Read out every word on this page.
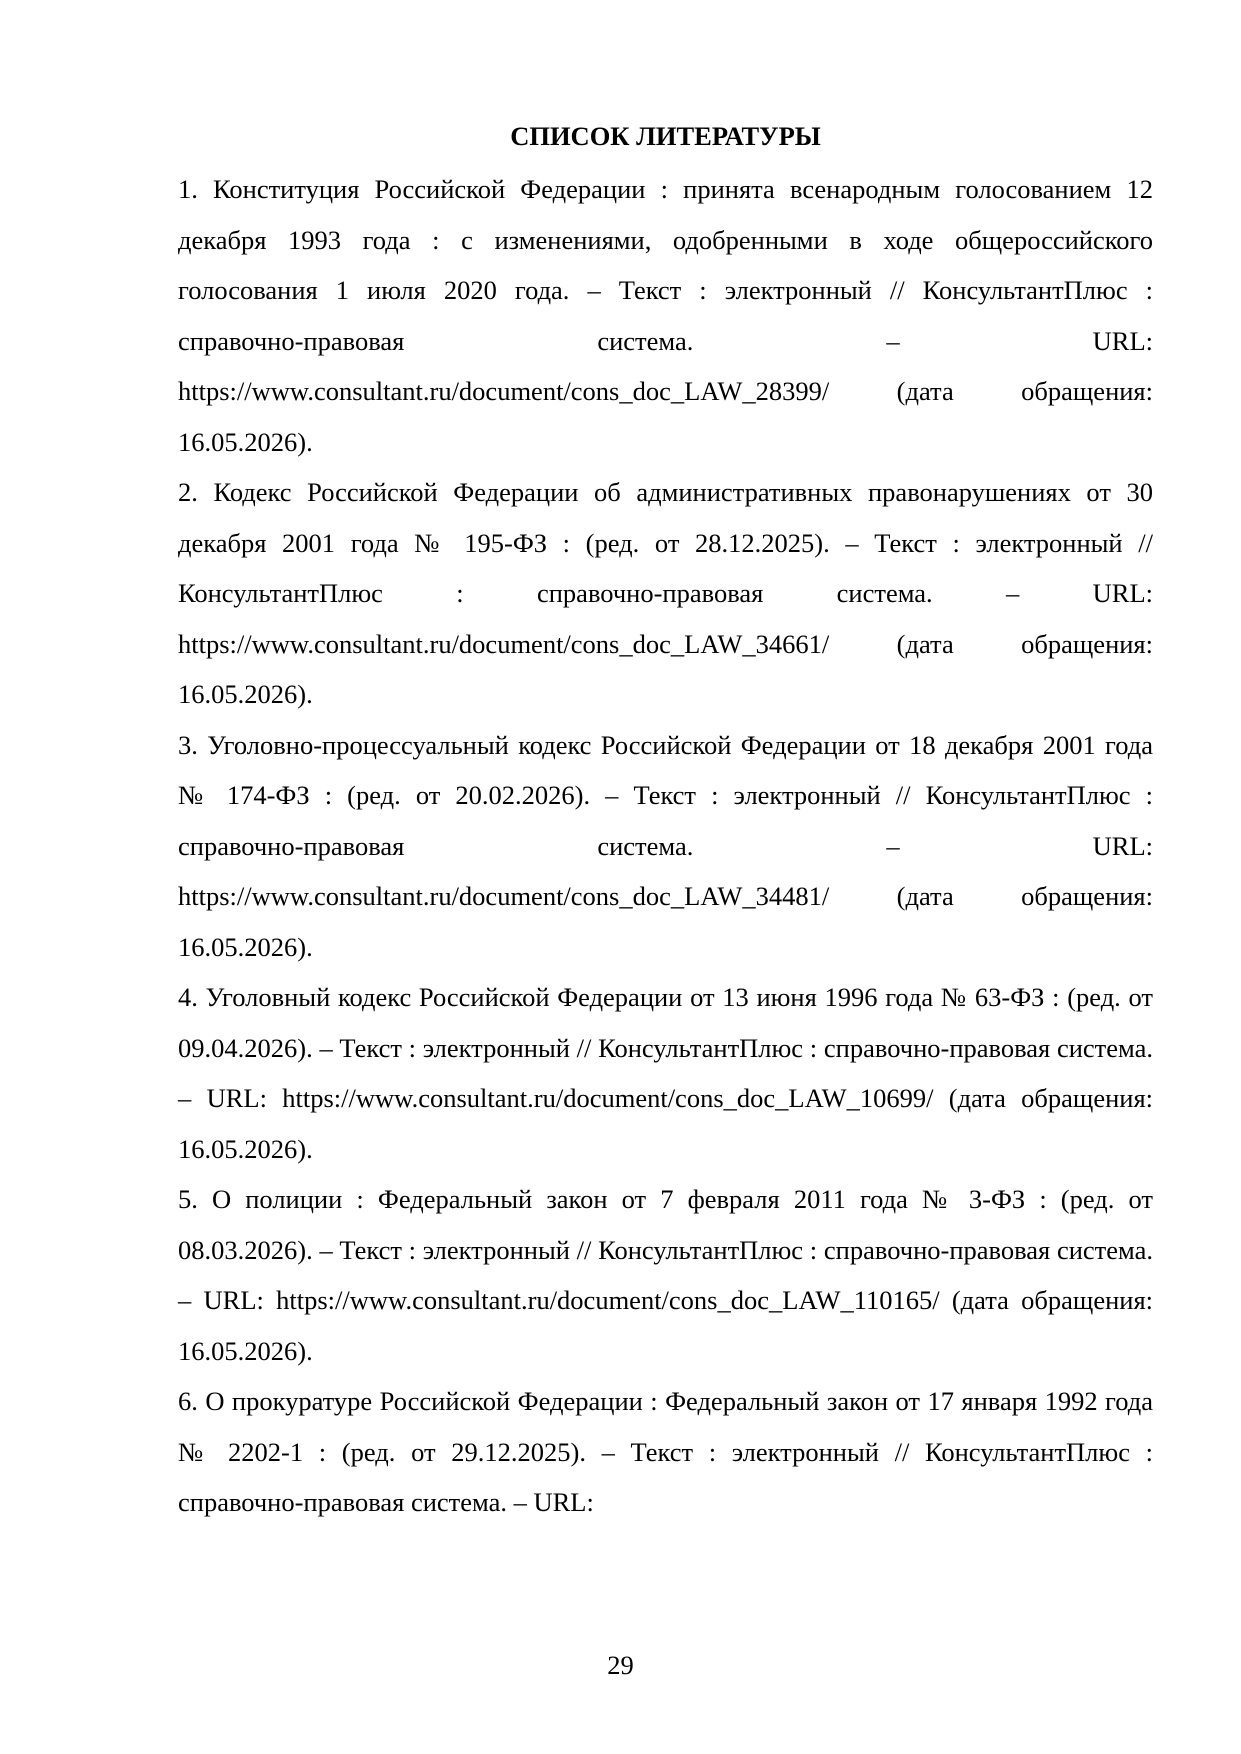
СПИСОК ЛИТЕРАТУРЫ

1. Конституция Российской Федерации : принята всенародным голосованием 12 декабря 1993 года : с изменениями, одобренными в ходе общероссийского голосования 1 июля 2020 года. – Текст : электронный // КонсультантПлюс : справочно-правовая система. – URL: https://www.consultant.ru/document/cons_doc_LAW_28399/ (дата обращения: 16.05.2026).

2. Кодекс Российской Федерации об административных правонарушениях от 30 декабря 2001 года № 195-ФЗ : (ред. от 28.12.2025). – Текст : электронный // КонсультантПлюс : справочно-правовая система. – URL: https://www.consultant.ru/document/cons_doc_LAW_34661/ (дата обращения: 16.05.2026).

3. Уголовно-процессуальный кодекс Российской Федерации от 18 декабря 2001 года № 174-ФЗ : (ред. от 20.02.2026). – Текст : электронный // КонсультантПлюс : справочно-правовая система. – URL: https://www.consultant.ru/document/cons_doc_LAW_34481/ (дата обращения: 16.05.2026).

4. Уголовный кодекс Российской Федерации от 13 июня 1996 года № 63-ФЗ : (ред. от 09.04.2026). – Текст : электронный // КонсультантПлюс : справочно-правовая система. – URL: https://www.consultant.ru/document/cons_doc_LAW_10699/ (дата обращения: 16.05.2026).

5. О полиции : Федеральный закон от 7 февраля 2011 года № 3-ФЗ : (ред. от 08.03.2026). – Текст : электронный // КонсультантПлюс : справочно-правовая система. – URL: https://www.consultant.ru/document/cons_doc_LAW_110165/ (дата обращения: 16.05.2026).

6. О прокуратуре Российской Федерации : Федеральный закон от 17 января 1992 года № 2202-1 : (ред. от 29.12.2025). – Текст : электронный // КонсультантПлюс : справочно-правовая система. – URL:

29
